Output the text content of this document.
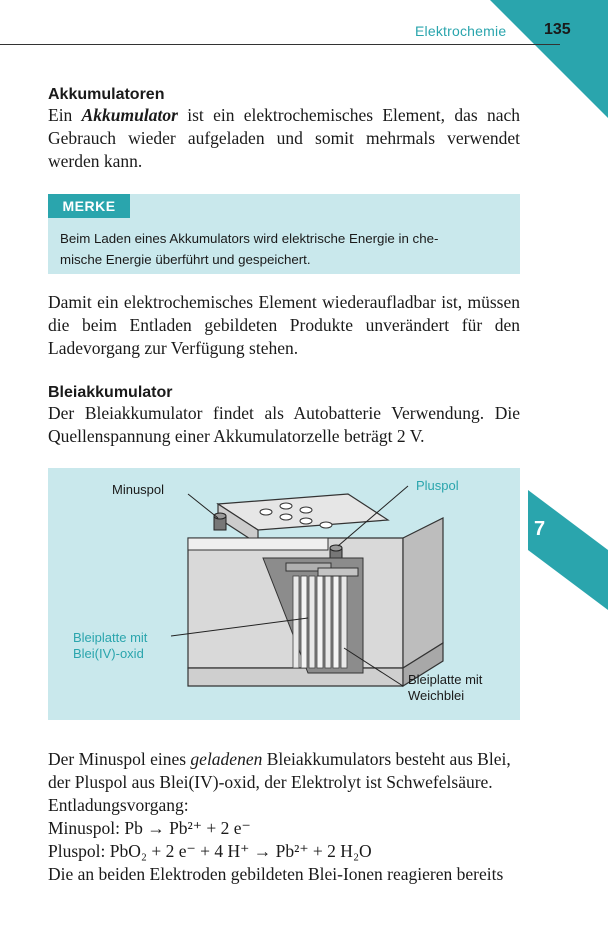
Elektrochemie 135
7
Akkumulatoren

Ein Akkumulator ist ein elektrochemisches Element, das nach Gebrauch wieder aufgeladen und somit mehrmals verwendet werden kann.

MERKE
Beim Laden eines Akkumulators wird elektrische Energie in che-
mische Energie überführt und gespeichert.

Damit ein elektrochemisches Element wiederaufladbar ist, müssen die beim Entladen gebildeten Produkte unverändert für den Ladevorgang zur Verfügung stehen.

Bleiakkumulator

Der Bleiakkumulator findet als Autobatterie Verwendung. Die Quellenspannung einer Akkumulatorzelle beträgt 2 V.

Minuspol	Pluspol
Bleiplatte mit
Blei(IV)-oxid
Bleiplatte mit
Weichblei

Der Minuspol eines geladenen Bleiakkumulators besteht aus Blei,

der Pluspol aus Blei(IV)-oxid, der Elektrolyt ist Schwefelsäure.

Entladungsvorgang:

Minuspol: Pb → Pb²⁺ + 2 e⁻

Pluspol: PbO₂ + 2 e⁻ + 4 H⁺ → Pb²⁺ + 2 H₂O

Die an beiden Elektroden gebildeten Blei-Ionen reagieren bereits
